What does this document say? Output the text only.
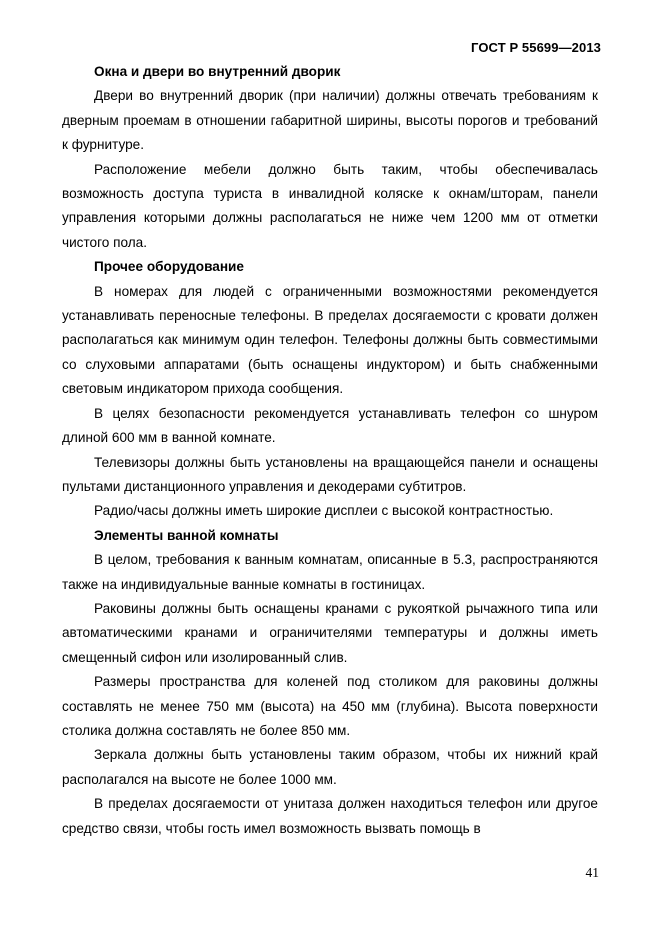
ГОСТ Р 55699—2013

Окна и двери во внутренний дворик

Двери во внутренний дворик (при наличии) должны отвечать требованиям к дверным проемам в отношении габаритной ширины, высоты порогов и требований к фурнитуре.

Расположение мебели должно быть таким, чтобы обеспечивалась возможность доступа туриста в инвалидной коляске к окнам/шторам, панели управления которыми должны располагаться не ниже чем 1200 мм от отметки чистого пола.

Прочее оборудование

В номерах для людей с ограниченными возможностями рекомендуется устанавливать переносные телефоны. В пределах досягаемости с кровати должен располагаться как минимум один телефон. Телефоны должны быть совместимыми со слуховыми аппаратами (быть оснащены индуктором) и быть снабженными световым индикатором прихода сообщения.

В целях безопасности рекомендуется устанавливать телефон со шнуром длиной 600 мм в ванной комнате.

Телевизоры должны быть установлены на вращающейся панели и оснащены пультами дистанционного управления и декодерами субтитров.

Радио/часы должны иметь широкие дисплеи с высокой контрастностью.

Элементы ванной комнаты

В целом, требования к ванным комнатам, описанные в 5.3, распространяются также на индивидуальные ванные комнаты в гостиницах.

Раковины должны быть оснащены кранами с рукояткой рычажного типа или автоматическими кранами и ограничителями температуры и должны иметь смещенный сифон или изолированный слив.

Размеры пространства для коленей под столиком для раковины должны составлять не менее 750 мм (высота) на 450 мм (глубина). Высота поверхности столика должна составлять не более 850 мм.

Зеркала должны быть установлены таким образом, чтобы их нижний край располагался на высоте не более 1000 мм.

В пределах досягаемости от унитаза должен находиться телефон или другое средство связи, чтобы гость имел возможность вызвать помощь в

41
